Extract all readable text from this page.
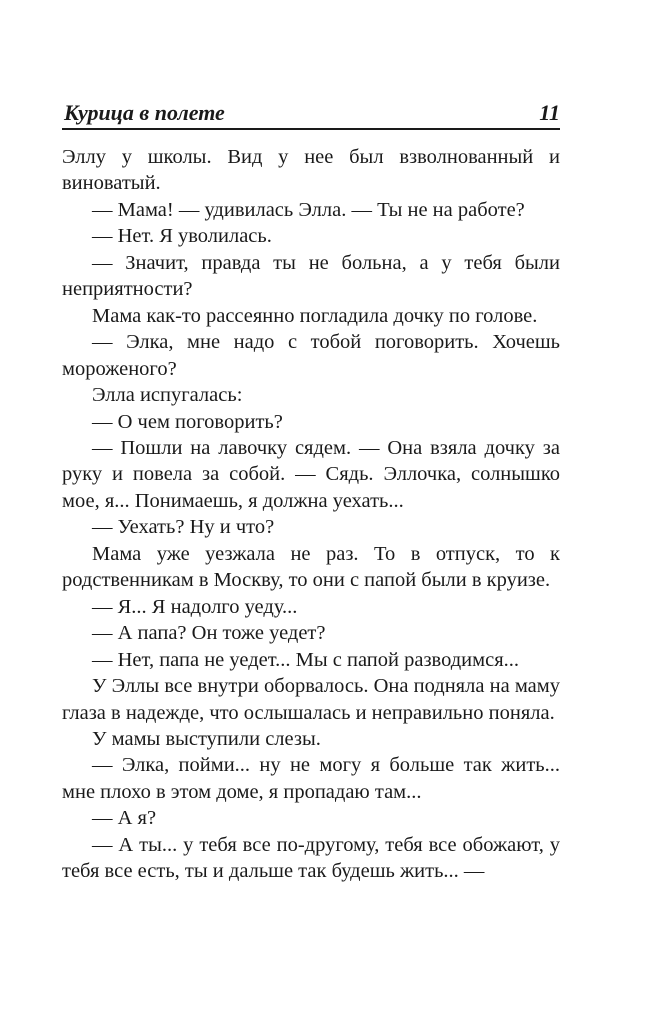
Курица в полете	11

Эллу у школы. Вид у нее был взволнованный и виноватый.

— Мама! — удивилась Элла. — Ты не на работе?

— Нет. Я уволилась.

— Значит, правда ты не больна, а у тебя были неприятности?

Мама как-то рассеянно погладила дочку по голове.

— Элка, мне надо с тобой поговорить. Хочешь мороженого?

Элла испугалась:

— О чем поговорить?

— Пошли на лавочку сядем. — Она взяла дочку за руку и повела за собой. — Сядь. Эллочка, солнышко мое, я... Понимаешь, я должна уехать...

— Уехать? Ну и что?

Мама уже уезжала не раз. То в отпуск, то к родственникам в Москву, то они с папой были в круизе.

— Я... Я надолго уеду...

— А папа? Он тоже уедет?

— Нет, папа не уедет... Мы с папой разводимся...

У Эллы все внутри оборвалось. Она подняла на маму глаза в надежде, что ослышалась и неправильно поняла.

У мамы выступили слезы.

— Элка, пойми... ну не могу я больше так жить... мне плохо в этом доме, я пропадаю там...

— А я?

— А ты... у тебя все по-другому, тебя все обожают, у тебя все есть, ты и дальше так будешь жить... —
